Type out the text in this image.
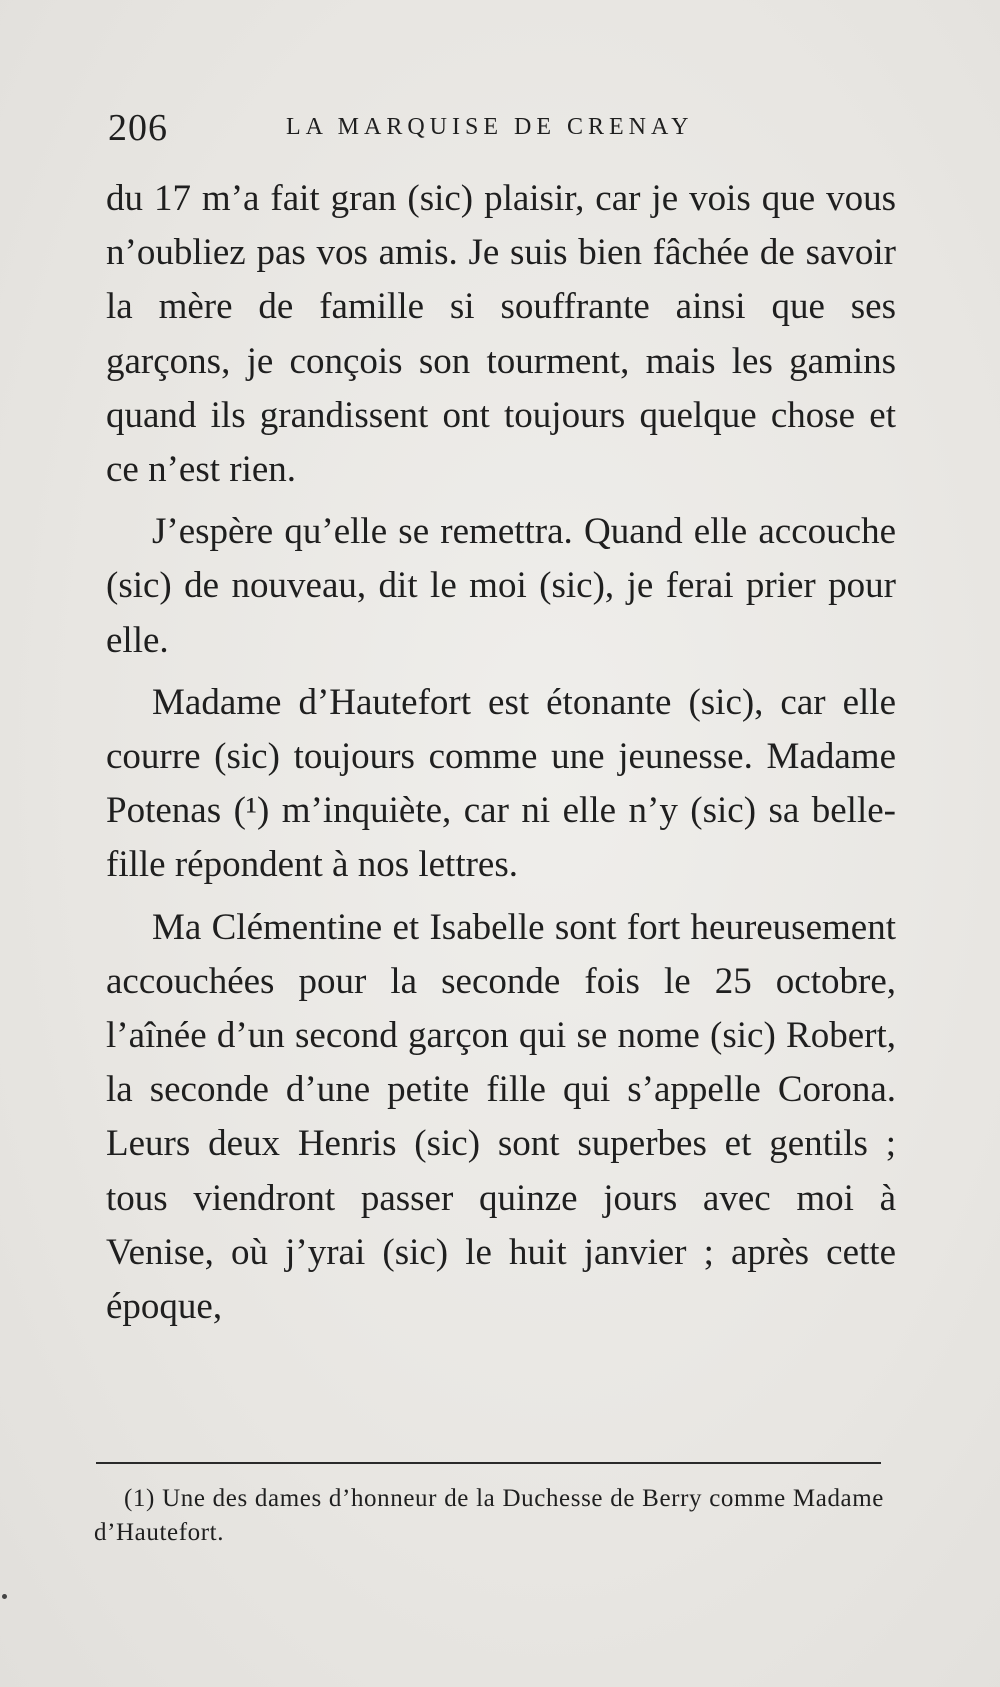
206	LA MARQUISE DE CRENAY

du 17 m’a fait gran (sic) plaisir, car je vois que vous n’oubliez pas vos amis. Je suis bien fâchée de savoir la mère de famille si souffrante ainsi que ses garçons, je conçois son tourment, mais les gamins quand ils grandissent ont toujours quelque chose et ce n’est rien.

J’espère qu’elle se remettra. Quand elle accouche (sic) de nouveau, dit le moi (sic), je ferai prier pour elle.

Madame d’Hautefort est étonante (sic), car elle courre (sic) toujours comme une jeunesse. Madame Potenas (¹) m’inquiète, car ni elle n’y (sic) sa belle-fille répondent à nos lettres.

Ma Clémentine et Isabelle sont fort heureusement accouchées pour la seconde fois le 25 octobre, l’aînée d’un second garçon qui se nome (sic) Robert, la seconde d’une petite fille qui s’appelle Corona. Leurs deux Henris (sic) sont superbes et gentils ; tous viendront passer quinze jours avec moi à Venise, où j’yrai (sic) le huit janvier ; après cette époque,

(1) Une des dames d’honneur de la Duchesse de Berry comme Madame d’Hautefort.
